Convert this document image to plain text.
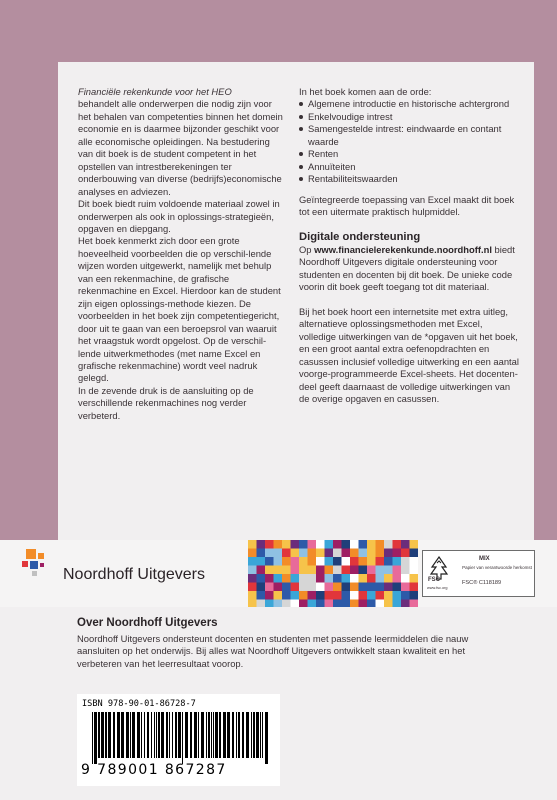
Financiële rekenkunde voor het HEO
behandelt alle onderwerpen die nodig zijn voor het behalen van competenties binnen het domein economie en is daarmee bijzonder geschikt voor alle economische opleidingen. Na bestudering van dit boek is de student competent in het opstellen van intrestberekeningen ter onderbouwing van diverse (bedrijfs)economische analyses en adviezen.

Dit boek biedt ruim voldoende materiaal zowel in onderwerpen als ook in oplossings-strategieën, opgaven en diepgang.

Het boek kenmerkt zich door een grote hoeveelheid voorbeelden die op verschil-lende wijzen worden uitgewerkt, namelijk met behulp van een rekenmachine, de grafische rekenmachine en Excel. Hierdoor kan de student zijn eigen oplossings-methode kiezen. De voorbeelden in het boek zijn competentiegericht, door uit te gaan van een beroepsrol van waaruit het vraagstuk wordt opgelost. Op de verschil-lende uitwerkmethodes (met name Excel en grafische rekenmachine) wordt veel nadruk gelegd.

In de zevende druk is de aansluiting op de verschillende rekenmachines nog verder verbeterd.

In het boek komen aan de orde:

Algemene introductie en historische achtergrond
Enkelvoudige intrest
Samengestelde intrest: eindwaarde en contant waarde
Renten
Annuïteiten
Rentabiliteitswaarden

Geïntegreerde toepassing van Excel maakt dit boek tot een uitermate praktisch hulpmiddel.

Digitale ondersteuning

Op www.financielerekenkunde.noordhoff.nl biedt Noordhoff Uitgevers digitale ondersteuning voor studenten en docenten bij dit boek. De unieke code voorin dit boek geeft toegang tot dit materiaal.

Bij het boek hoort een internetsite met extra uitleg, alternatieve oplossingsmethoden met Excel, volledige uitwerkingen van de *opgaven uit het boek, en een groot aantal extra oefenopdrachten en casussen inclusief volledige uitwerking en een aantal voorge-programmeerde Excel-sheets. Het docenten-deel geeft daarnaast de volledige uitwerkingen van de overige opgaven en casussen.

Noordhoff Uitgevers	FSC
www.fsc.org
MIX
Papier van verantwoorde herkomst
FSC® C118189
Over Noordhoff Uitgevers
Noordhoff Uitgevers ondersteunt docenten en studenten met passende leermiddelen die nauw aansluiten op het onderwijs. Bij alles wat Noordhoff Uitgevers ontwikkelt staan kwaliteit en het verbeteren van het leerresultaat voorop.
ISBN 978-90-01-86728-7
9 789001 867287
